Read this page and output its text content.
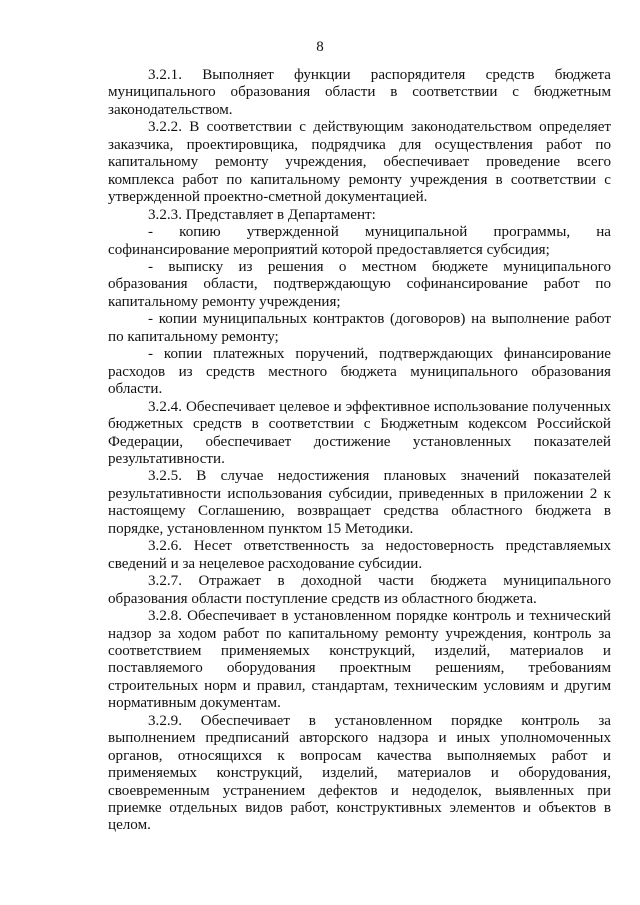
8

3.2.1. Выполняет функции распорядителя средств бюджета муниципального образования области в соответствии с бюджетным законодательством.

3.2.2. В соответствии с действующим законодательством определяет заказчика, проектировщика, подрядчика для осуществления работ по капитальному ремонту учреждения, обеспечивает проведение всего комплекса работ по капитальному ремонту учреждения в соответствии с утвержденной проектно-сметной документацией.

3.2.3. Представляет в Департамент:

- копию утвержденной муниципальной программы, на софинансирование мероприятий которой предоставляется субсидия;

- выписку из решения о местном бюджете муниципального образования области, подтверждающую софинансирование работ по капитальному ремонту учреждения;

- копии муниципальных контрактов (договоров) на выполнение работ по капитальному ремонту;

- копии платежных поручений, подтверждающих финансирование расходов из средств местного бюджета муниципального образования области.

3.2.4. Обеспечивает целевое и эффективное использование полученных бюджетных средств в соответствии с Бюджетным кодексом Российской Федерации, обеспечивает достижение установленных показателей результативности.

3.2.5. В случае недостижения плановых значений показателей результативности использования субсидии, приведенных в приложении 2 к настоящему Соглашению, возвращает средства областного бюджета в порядке, установленном пунктом 15 Методики.

3.2.6. Несет ответственность за недостоверность представляемых сведений и за нецелевое расходование субсидии.

3.2.7. Отражает в доходной части бюджета муниципального образования области поступление средств из областного бюджета.

3.2.8. Обеспечивает в установленном порядке контроль и технический надзор за ходом работ по капитальному ремонту учреждения, контроль за соответствием применяемых конструкций, изделий, материалов и поставляемого оборудования проектным решениям, требованиям строительных норм и правил, стандартам, техническим условиям и другим нормативным документам.

3.2.9. Обеспечивает в установленном порядке контроль за выполнением предписаний авторского надзора и иных уполномоченных органов, относящихся к вопросам качества выполняемых работ и применяемых конструкций, изделий, материалов и оборудования, своевременным устранением дефектов и недоделок, выявленных при приемке отдельных видов работ, конструктивных элементов и объектов в целом.
